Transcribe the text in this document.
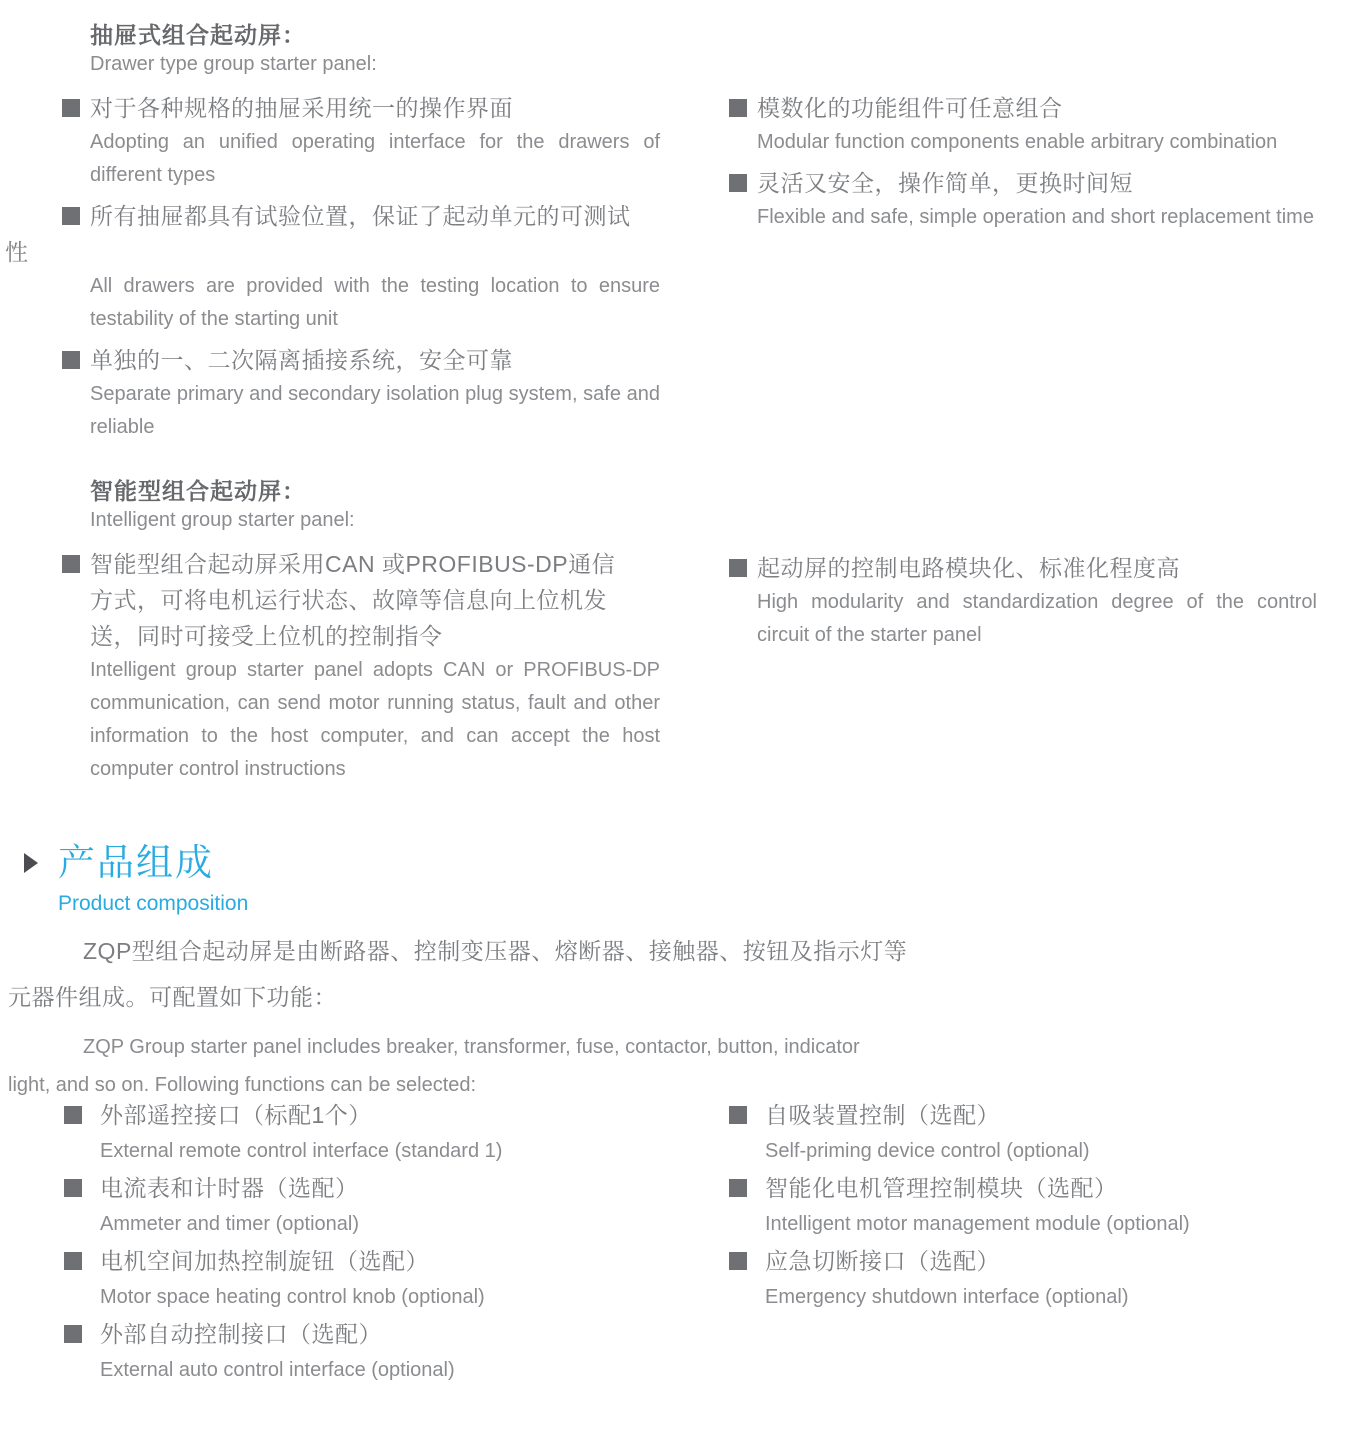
抽屉式组合起动屏：
Drawer type group starter panel:
对于各种规格的抽屉采用统一的操作界面
Adopting an unified operating interface for the drawers of different types
所有抽屉都具有试验位置，保证了起动单元的可测试
性
All drawers are provided with the testing location to ensure testability of the starting unit
单独的一、二次隔离插接系统，安全可靠
Separate primary and secondary isolation plug system, safe and reliable
模数化的功能组件可任意组合
Modular function components enable arbitrary combination
灵活又安全，操作简单，更换时间短
Flexible and safe, simple operation and short replacement time
智能型组合起动屏：
Intelligent group starter panel:
智能型组合起动屏采用CAN 或PROFIBUS-DP通信
方式，可将电机运行状态、故障等信息向上位机发
送，同时可接受上位机的控制指令
Intelligent group starter panel adopts CAN or PROFIBUS-DP communication, can send motor running status, fault and other information to the host computer, and can accept the host computer control instructions
起动屏的控制电路模块化、标准化程度高
High modularity and standardization degree of the control circuit of the starter panel
产品组成
Product composition
ZQP型组合起动屏是由断路器、控制变压器、熔断器、接触器、按钮及指示灯等
元器件组成。可配置如下功能：
ZQP Group starter panel includes breaker, transformer, fuse, contactor, button, indicator
light, and so on. Following functions can be selected:
外部遥控接口（标配1个）
External remote control interface (standard 1)
电流表和计时器（选配）
Ammeter and timer (optional)
电机空间加热控制旋钮（选配）
Motor space heating control knob (optional)
外部自动控制接口（选配）
External auto control interface (optional)
自吸装置控制（选配）
Self-priming device control (optional)
智能化电机管理控制模块（选配）
Intelligent motor management module (optional)
应急切断接口（选配）
Emergency shutdown interface (optional)
